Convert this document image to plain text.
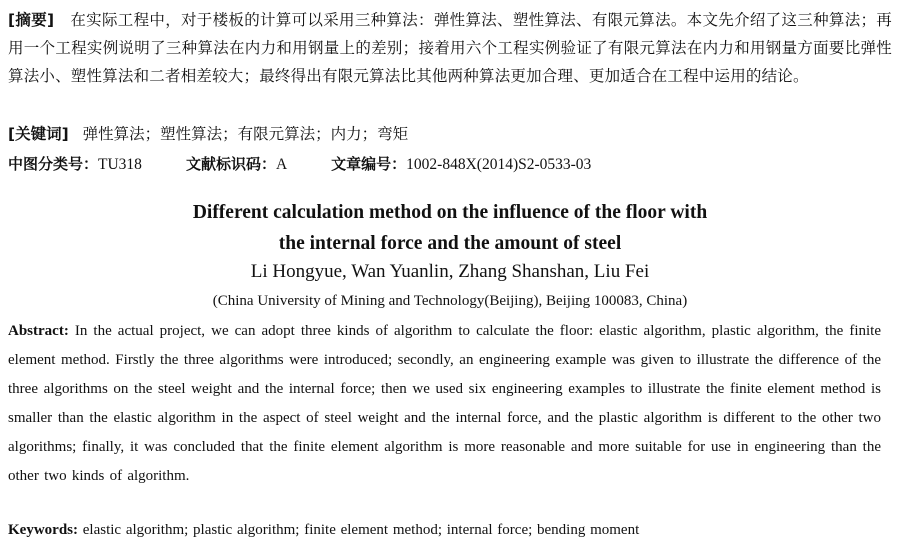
[摘要] 在实际工程中，对于楼板的计算可以采用三种算法：弹性算法、塑性算法、有限元算法。本文先介绍了这三种算法；再用一个工程实例说明了三种算法在内力和用钢量上的差别；接着用六个工程实例验证了有限元算法在内力和用钢量方面要比弹性算法小、塑性算法和二者相差较大；最终得出有限元算法比其他两种算法更加合理、更加适合在工程中运用的结论。
[关键词] 弹性算法；塑性算法；有限元算法；内力；弯矩
中图分类号：TU318	文献标识码：A	文章编号：1002-848X(2014)S2-0533-03
Different calculation method on the influence of the floor with
the internal force and the amount of steel
Li Hongyue, Wan Yuanlin, Zhang Shanshan, Liu Fei
(China University of Mining and Technology(Beijing), Beijing 100083, China)
Abstract: In the actual project, we can adopt three kinds of algorithm to calculate the floor: elastic algorithm, plastic algorithm, the finite element method. Firstly the three algorithms were introduced; secondly, an engineering example was given to illustrate the difference of the three algorithms on the steel weight and the internal force; then we used six engineering examples to illustrate the finite element method is smaller than the elastic algorithm in the aspect of steel weight and the internal force, and the plastic algorithm is different to the other two algorithms; finally, it was concluded that the finite element algorithm is more reasonable and more suitable for use in engineering than the other two kinds of algorithm.
Keywords: elastic algorithm; plastic algorithm; finite element method; internal force; bending moment
